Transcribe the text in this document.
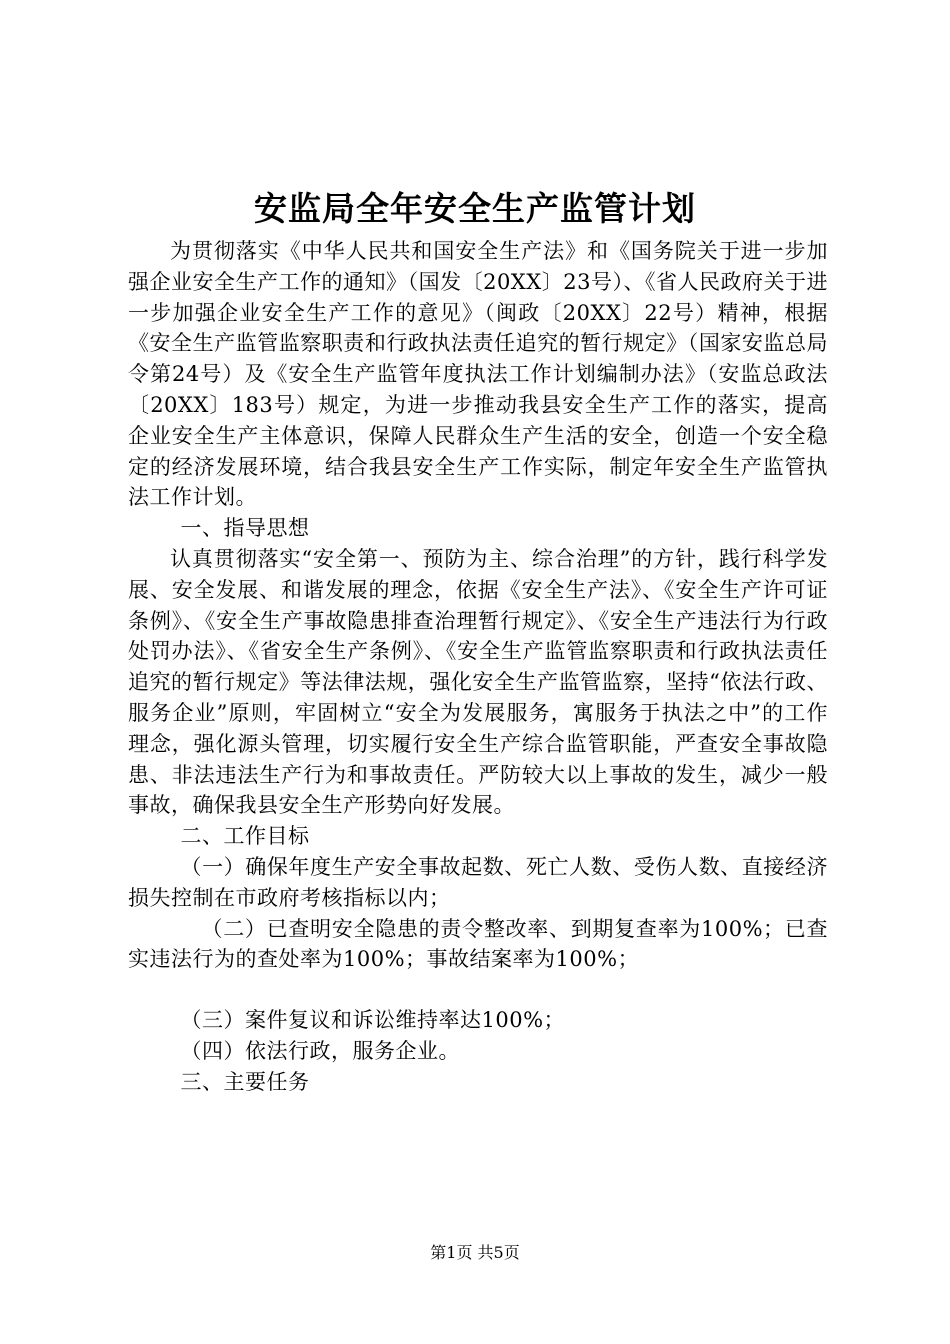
安监局全年安全生产监管计划

为贯彻落实《中华人民共和国安全生产法》和《国务院关于进一步加强企业安全生产工作的通知》（国发〔20XX〕23号）、《省人民政府关于进一步加强企业安全生产工作的意见》（闽政〔20XX〕22号）精神，根据《安全生产监管监察职责和行政执法责任追究的暂行规定》（国家安监总局令第24号）及《安全生产监管年度执法工作计划编制办法》（安监总政法〔20XX〕183号）规定，为进一步推动我县安全生产工作的落实，提高企业安全生产主体意识，保障人民群众生产生活的安全，创造一个安全稳定的经济发展环境，结合我县安全生产工作实际，制定年安全生产监管执法工作计划。

一、指导思想

认真贯彻落实“安全第一、预防为主、综合治理”的方针，践行科学发展、安全发展、和谐发展的理念，依据《安全生产法》、《安全生产许可证条例》、《安全生产事故隐患排查治理暂行规定》、《安全生产违法行为行政处罚办法》、《省安全生产条例》、《安全生产监管监察职责和行政执法责任追究的暂行规定》等法律法规，强化安全生产监管监察，坚持“依法行政、服务企业”原则，牢固树立“安全为发展服务，寓服务于执法之中”的工作理念，强化源头管理，切实履行安全生产综合监管职能，严查安全事故隐患、非法违法生产行为和事故责任。严防较大以上事故的发生，减少一般事故，确保我县安全生产形势向好发展。

二、工作目标

（一）确保年度生产安全事故起数、死亡人数、受伤人数、直接经济损失控制在市政府考核指标以内；

（二）已查明安全隐患的责令整改率、到期复查率为100%；已查实违法行为的查处率为100%；事故结案率为100%；

（三）案件复议和诉讼维持率达100%；

（四）依法行政，服务企业。

三、主要任务

第1页 共5页
